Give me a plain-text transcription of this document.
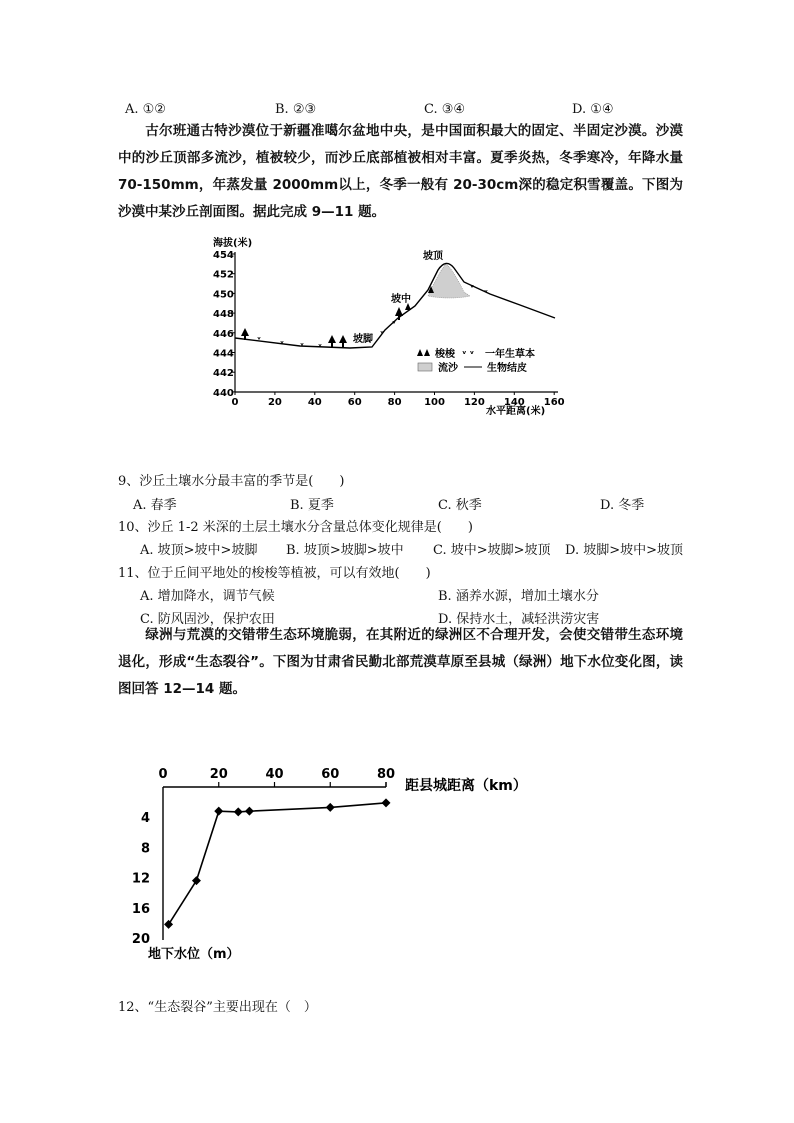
A. ①②	B. ②③	C. ③④	D. ①④
古尔班通古特沙漠位于新疆准噶尔盆地中央，是中国面积最大的固定、半固定沙漠。沙漠中的沙丘顶部多流沙，植被较少，而沙丘底部植被相对丰富。夏季炎热，冬季寒冷，年降水量 70-150mm，年蒸发量 2000mm以上，冬季一般有 20-30cm深的稳定积雪覆盖。下图为沙漠中某沙丘剖面图。据此完成 9—11 题。
海拔(米)
454
452
450
448
446
444
442
440
0	20	40	60	80 100 120 140 160
ᵛ ᵛ ᵛ ᵛ
ᵛ
ᵛ
ᵛ
ᵛ
坡顶
坡中
坡脚
梭梭 ᵛ ᵛ 一年生草本
流沙	生物结皮
水平距离(米)
9、沙丘土壤水分最丰富的季节是(　　)
A. 春季	B. 夏季	C. 秋季	D. 冬季
10、沙丘 1-2 米深的土层土壤水分含量总体变化规律是(　　)
A. 坡顶>坡中>坡脚 B. 坡顶>坡脚>坡中 C. 坡中>坡脚>坡顶 D. 坡脚>坡中>坡顶
11、位于丘间平地处的梭梭等植被，可以有效地(　　)
A. 增加降水，调节气候	B. 涵养水源，增加土壤水分
C. 防风固沙，保护农田	D. 保持水土，减轻洪涝灾害
绿洲与荒漠的交错带生态环境脆弱，在其附近的绿洲区不合理开发，会使交错带生态环境退化，形成“生态裂谷”。下图为甘肃省民勤北部荒漠草原至县城（绿洲）地下水位变化图，读图回答 12—14 题。
0	20	40	60	80
4
8
12
16
20
距县城距离（km）
地下水位（m）
12、“生态裂谷”主要出现在（　）
